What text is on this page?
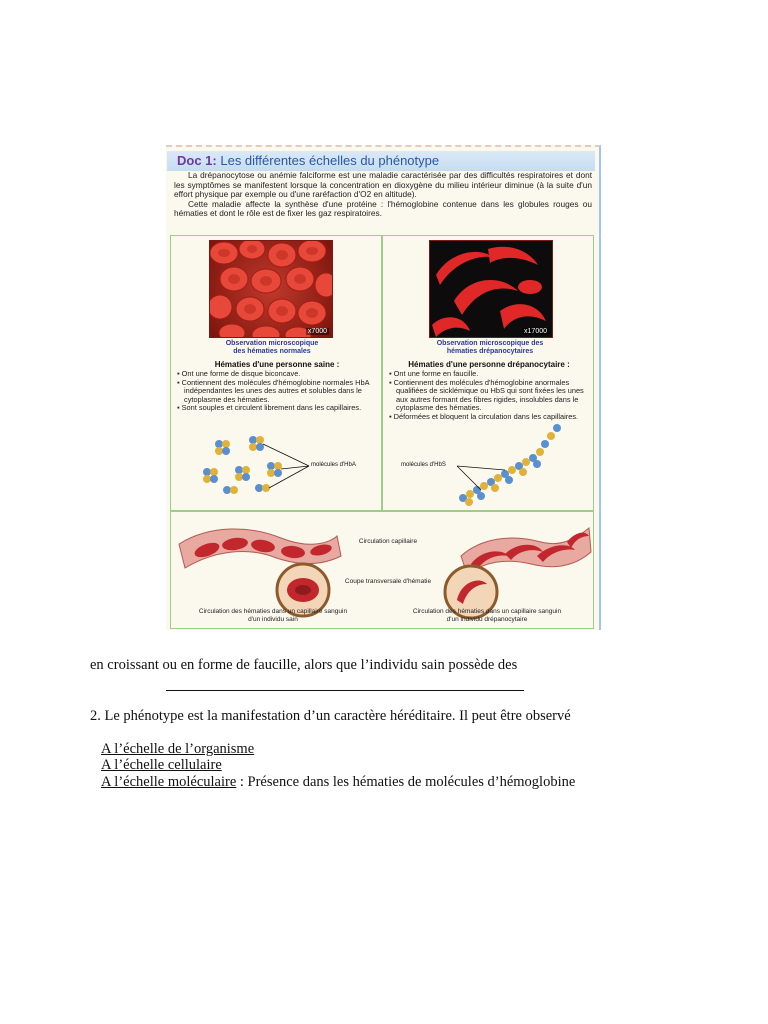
Doc 1: Les différentes échelles du phénotype

La drépanocytose ou anémie falciforme est une maladie caractérisée par des difficultés respiratoires et dont les symptômes se manifestent lorsque la concentration en dioxygène du milieu intérieur diminue (à la suite d'un effort physique par exemple ou d'une raréfaction d'O2 en altitude).

Cette maladie affecte la synthèse d'une protéine : l'hémoglobine contenue dans les globules rouges ou hématies et dont le rôle est de fixer les gaz respiratoires.

x7000
Observation microscopique des hématies normales
Hématies d'une personne saine :
▪ Ont une forme de disque biconcave.
▪ Contiennent des molécules d'hémoglobine normales HbA indépendantes les unes des autres et solubles dans le cytoplasme des hématies.
▪ Sont souples et circulent librement dans les capillaires.
molécules d'HbA
x17000
Observation microscopique des hématies drépanocytaires
Hématies d'une personne drépanocytaire :
▪ Ont une forme en faucille.
▪ Contiennent des molécules d'hémoglobine anormales qualifiées de sicklémique ou HbS qui sont fixées les unes aux autres formant des fibres rigides, insolubles dans le cytoplasme des hématies.
▪ Déformées et bloquent la circulation dans les capillaires.
molécules d'HbS
Circulation capillaire
Coupe transversale d'hématie
Circulation des hématies dans un capillaire sanguin d'un individu sain
Circulation des hématies dans un capillaire sanguin d'un individu drépanocytaire
en croissant ou en forme de faucille, alors que l’individu sain possède des
2. Le phénotype est la manifestation d’un caractère héréditaire. Il peut être observé
A l’échelle de l’organisme
A l’échelle cellulaire
A l’échelle moléculaire : Présence dans les hématies de molécules d’hémoglobine
